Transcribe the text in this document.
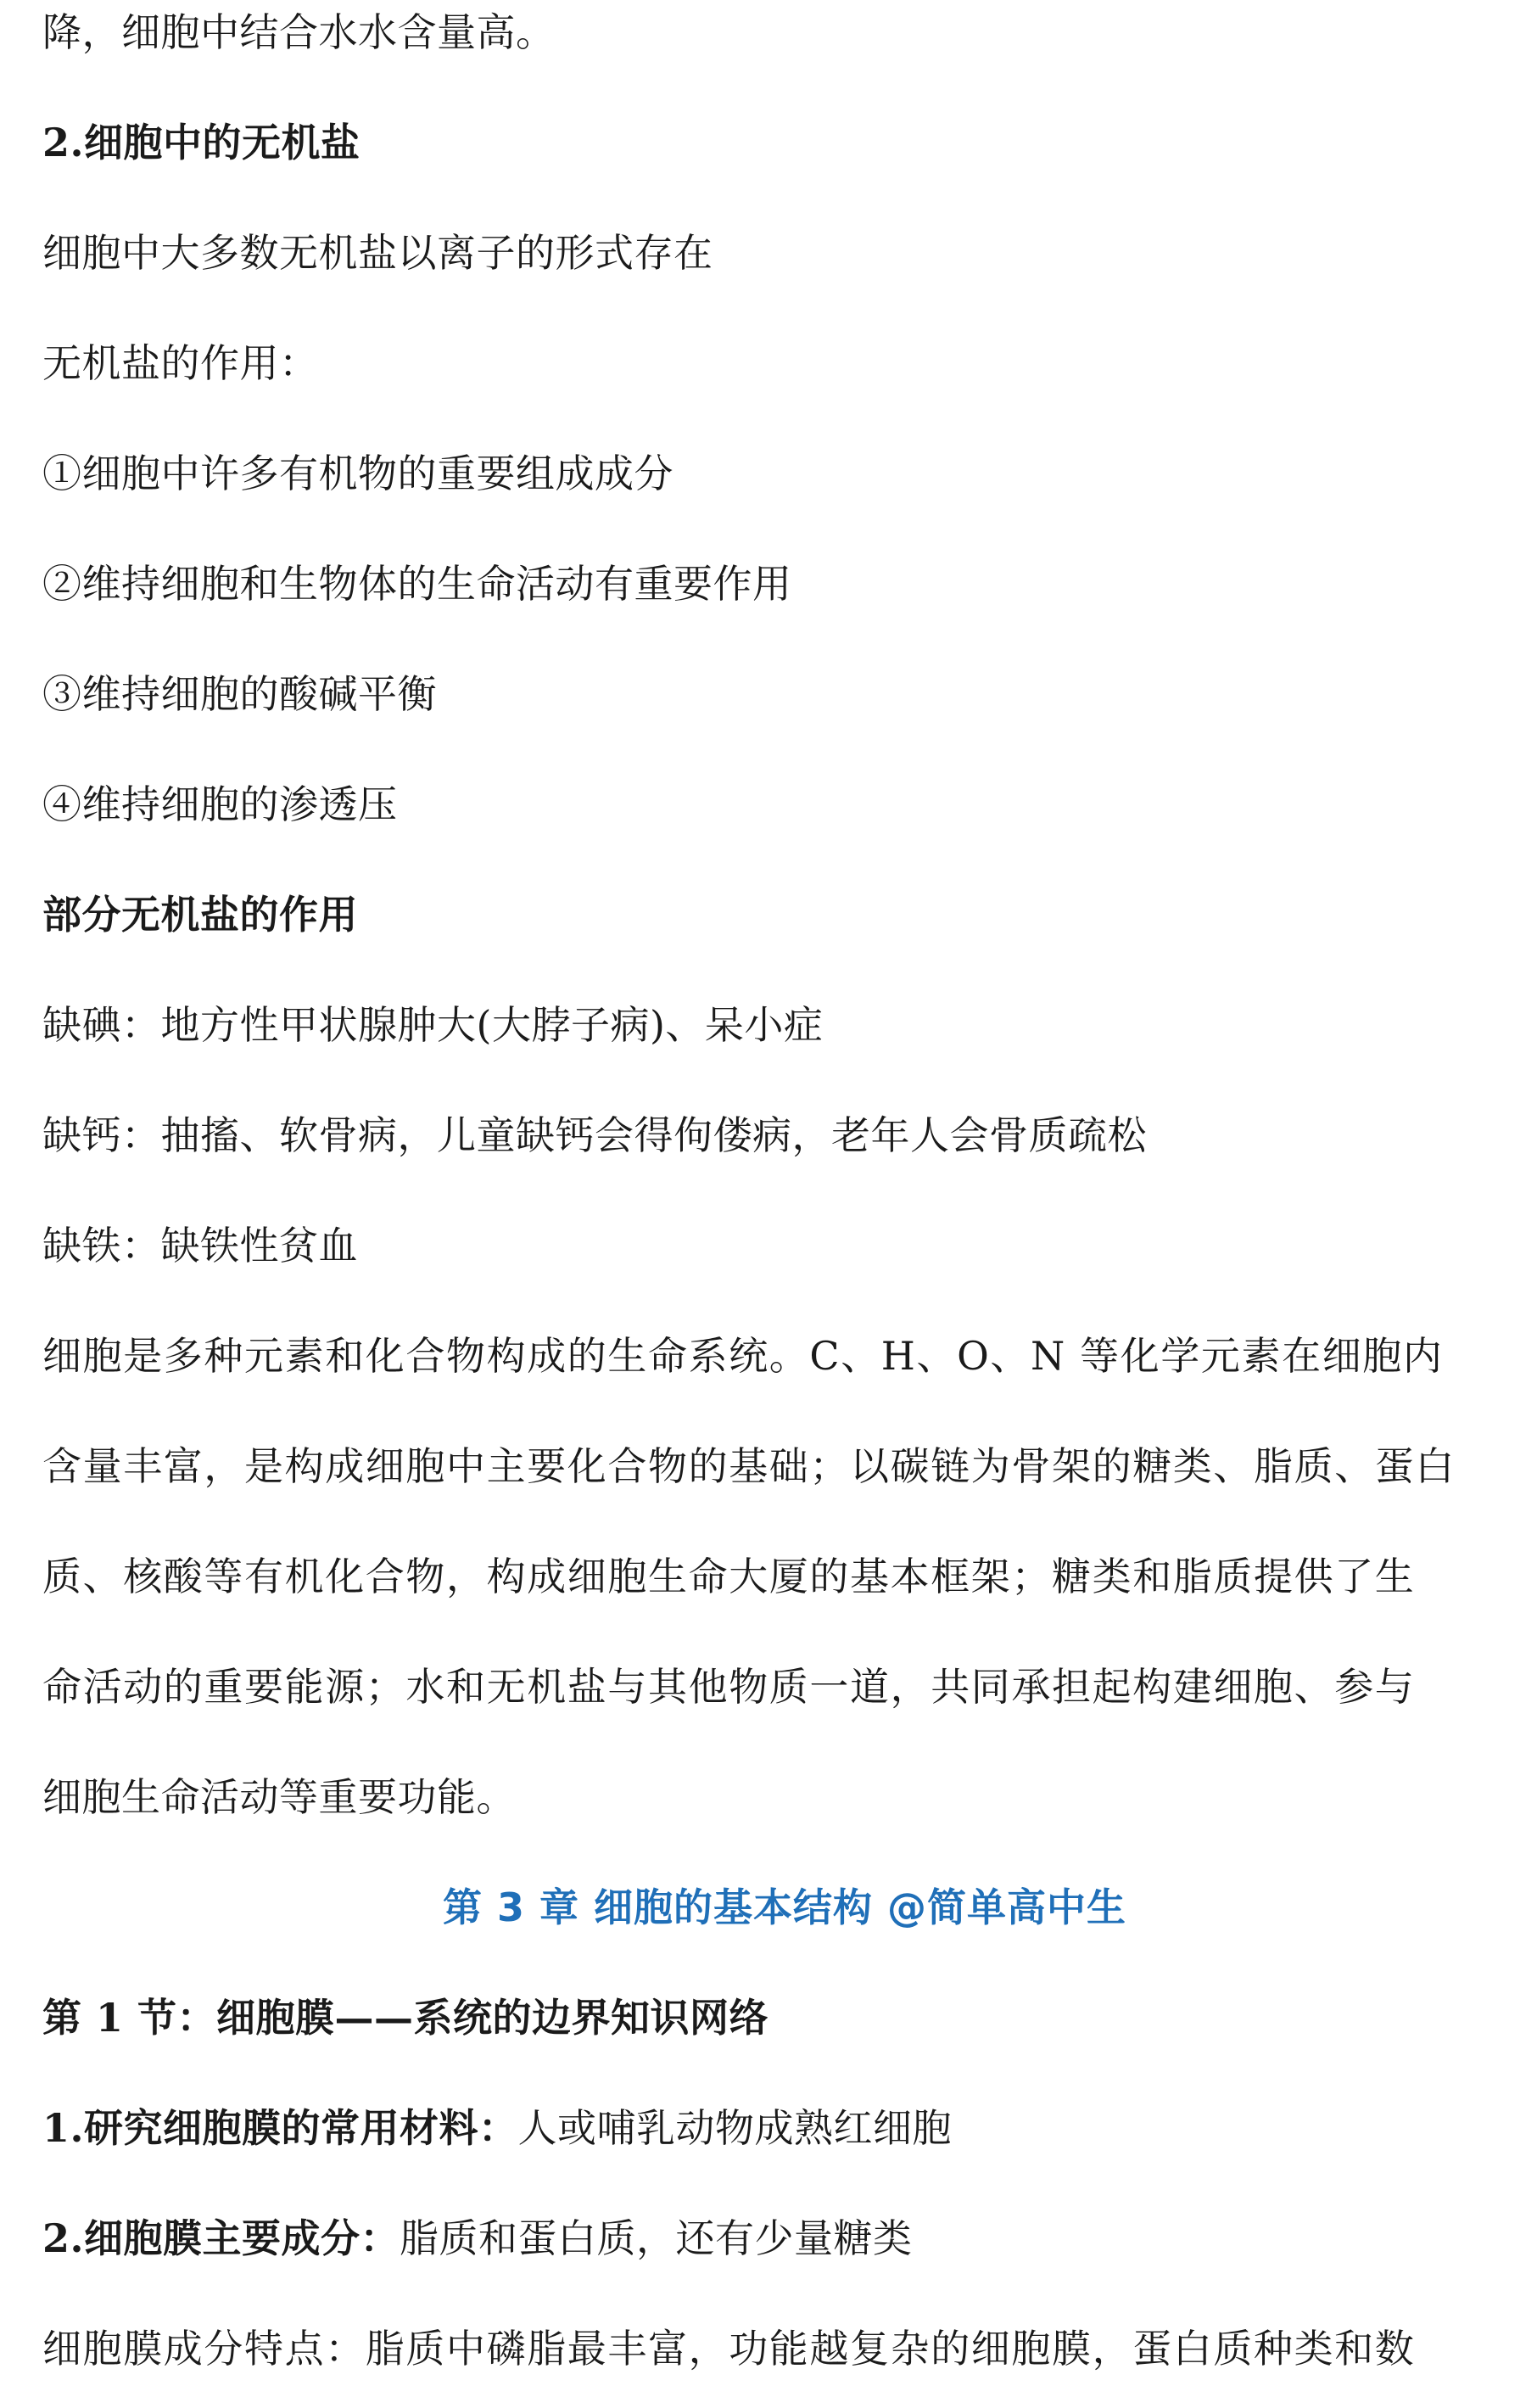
降，细胞中结合水水含量高。
2.细胞中的无机盐
细胞中大多数无机盐以离子的形式存在
无机盐的作用：
①细胞中许多有机物的重要组成成分
②维持细胞和生物体的生命活动有重要作用
③维持细胞的酸碱平衡
④维持细胞的渗透压
部分无机盐的作用
缺碘：地方性甲状腺肿大(大脖子病)、呆小症
缺钙：抽搐、软骨病，儿童缺钙会得佝偻病，老年人会骨质疏松
缺铁：缺铁性贫血
细胞是多种元素和化合物构成的生命系统。C、H、O、N 等化学元素在细胞内
含量丰富，是构成细胞中主要化合物的基础；以碳链为骨架的糖类、脂质、蛋白
质、核酸等有机化合物，构成细胞生命大厦的基本框架；糖类和脂质提供了生
命活动的重要能源；水和无机盐与其他物质一道，共同承担起构建细胞、参与
细胞生命活动等重要功能。
第 3 章 细胞的基本结构 @简单高中生
第 1 节：细胞膜——系统的边界知识网络
1.研究细胞膜的常用材料：人或哺乳动物成熟红细胞
2.细胞膜主要成分：脂质和蛋白质，还有少量糖类
细胞膜成分特点：脂质中磷脂最丰富，功能越复杂的细胞膜，蛋白质种类和数
